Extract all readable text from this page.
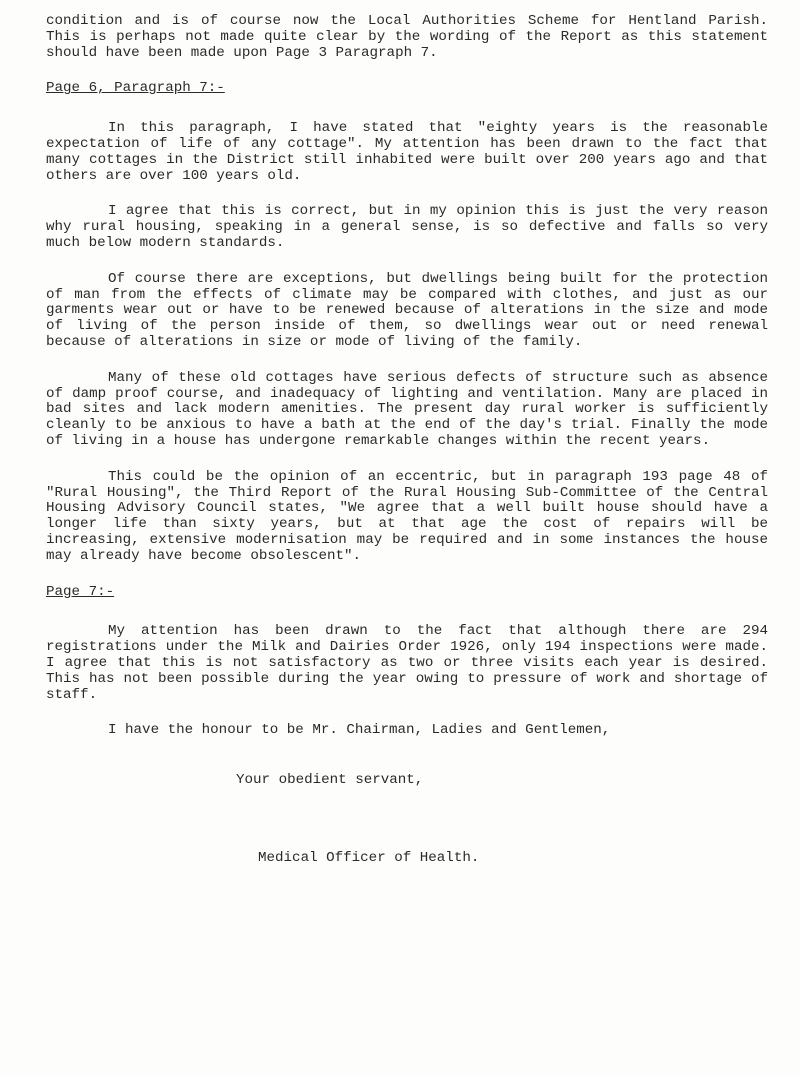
condition and is of course now the Local Authorities Scheme for Hentland Parish. This is perhaps not made quite clear by the wording of the Report as this statement should have been made upon Page 3 Paragraph 7.

Page 6, Paragraph 7:-

In this paragraph, I have stated that "eighty years is the reasonable expectation of life of any cottage". My attention has been drawn to the fact that many cottages in the District still inhabited were built over 200 years ago and that others are over 100 years old.

I agree that this is correct, but in my opinion this is just the very reason why rural housing, speaking in a general sense, is so defective and falls so very much below modern standards.

Of course there are exceptions, but dwellings being built for the protection of man from the effects of climate may be compared with clothes, and just as our garments wear out or have to be renewed because of alterations in the size and mode of living of the person inside of them, so dwellings wear out or need renewal because of alterations in size or mode of living of the family.

Many of these old cottages have serious defects of structure such as absence of damp proof course, and inadequacy of lighting and ventilation. Many are placed in bad sites and lack modern amenities. The present day rural worker is sufficiently cleanly to be anxious to have a bath at the end of the day's trial. Finally the mode of living in a house has undergone remarkable changes within the recent years.

This could be the opinion of an eccentric, but in paragraph 193 page 48 of "Rural Housing", the Third Report of the Rural Housing Sub-Committee of the Central Housing Advisory Council states, "We agree that a well built house should have a longer life than sixty years, but at that age the cost of repairs will be increasing, extensive modernisation may be required and in some instances the house may already have become obsolescent".

Page 7:-

My attention has been drawn to the fact that although there are 294 registrations under the Milk and Dairies Order 1926, only 194 inspections were made. I agree that this is not satisfactory as two or three visits each year is desired. This has not been possible during the year owing to pressure of work and shortage of staff.

I have the honour to be Mr. Chairman, Ladies and Gentlemen,

Your obedient servant,

Medical Officer of Health.
